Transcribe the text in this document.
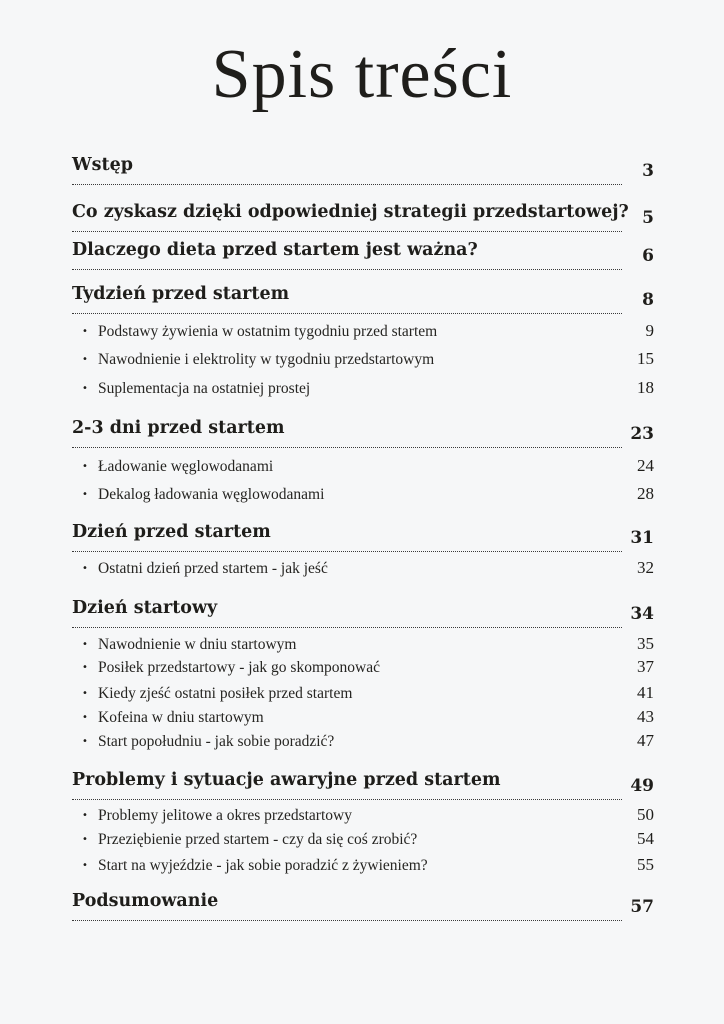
Spis treści
Wstęp	3
Co zyskasz dzięki odpowiedniej strategii przedstartowej? 5
Dlaczego dieta przed startem jest ważna?	6
Tydzień przed startem	8
• Podstawy żywienia w ostatnim tygodniu przed startem	9
• Nawodnienie i elektrolity w tygodniu przedstartowym	15
• Suplementacja na ostatniej prostej	18
2-3 dni przed startem	23
• Ładowanie węglowodanami	24
• Dekalog ładowania węglowodanami	28
Dzień przed startem	31
• Ostatni dzień przed startem - jak jeść	32
Dzień startowy	34
• Nawodnienie w dniu startowym	35
• Posiłek przedstartowy - jak go skomponować	37
• Kiedy zjeść ostatni posiłek przed startem	41
• Kofeina w dniu startowym	43
• Start popołudniu - jak sobie poradzić?	47
Problemy i sytuacje awaryjne przed startem	49
• Problemy jelitowe a okres przedstartowy	50
• Przeziębienie przed startem - czy da się coś zrobić?	54
• Start na wyjeździe - jak sobie poradzić z żywieniem?	55
Podsumowanie	57
